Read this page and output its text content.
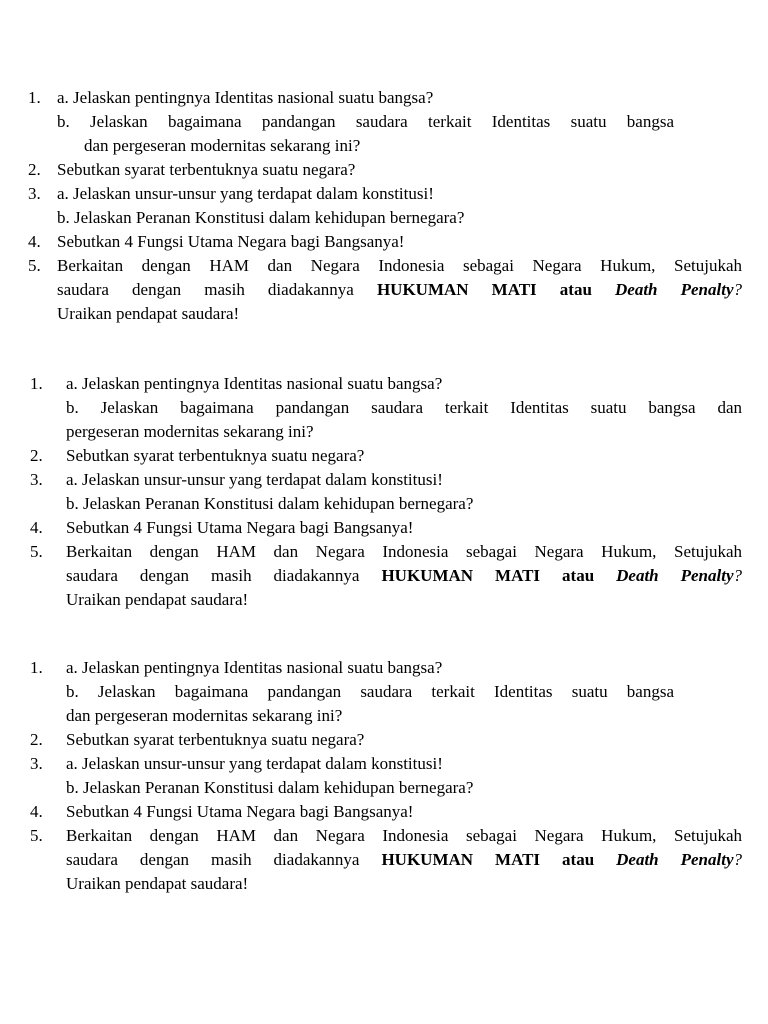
1. a. Jelaskan pentingnya Identitas nasional suatu bangsa?
b. Jelaskan bagaimana pandangan saudara terkait Identitas suatu bangsa
dan pergeseran modernitas sekarang ini?
2. Sebutkan syarat terbentuknya suatu negara?
3. a. Jelaskan unsur-unsur yang terdapat dalam konstitusi!
b. Jelaskan Peranan Konstitusi dalam kehidupan bernegara?
4. Sebutkan 4 Fungsi Utama Negara bagi Bangsanya!
5. Berkaitan dengan HAM dan Negara Indonesia sebagai Negara Hukum, Setujukah
saudara dengan masih diadakannya HUKUMAN MATI atau Death Penalty?
Uraikan pendapat saudara!
1. a. Jelaskan pentingnya Identitas nasional suatu bangsa?
b. Jelaskan bagaimana pandangan saudara terkait Identitas suatu bangsa dan
pergeseran modernitas sekarang ini?
2. Sebutkan syarat terbentuknya suatu negara?
3. a. Jelaskan unsur-unsur yang terdapat dalam konstitusi!
b. Jelaskan Peranan Konstitusi dalam kehidupan bernegara?
4. Sebutkan 4 Fungsi Utama Negara bagi Bangsanya!
5. Berkaitan dengan HAM dan Negara Indonesia sebagai Negara Hukum, Setujukah
saudara dengan masih diadakannya HUKUMAN MATI atau Death Penalty?
Uraikan pendapat saudara!
1. a. Jelaskan pentingnya Identitas nasional suatu bangsa?
b. Jelaskan bagaimana pandangan saudara terkait Identitas suatu bangsa
dan pergeseran modernitas sekarang ini?
2. Sebutkan syarat terbentuknya suatu negara?
3. a. Jelaskan unsur-unsur yang terdapat dalam konstitusi!
b. Jelaskan Peranan Konstitusi dalam kehidupan bernegara?
4. Sebutkan 4 Fungsi Utama Negara bagi Bangsanya!
5. Berkaitan dengan HAM dan Negara Indonesia sebagai Negara Hukum, Setujukah
saudara dengan masih diadakannya HUKUMAN MATI atau Death Penalty?
Uraikan pendapat saudara!
